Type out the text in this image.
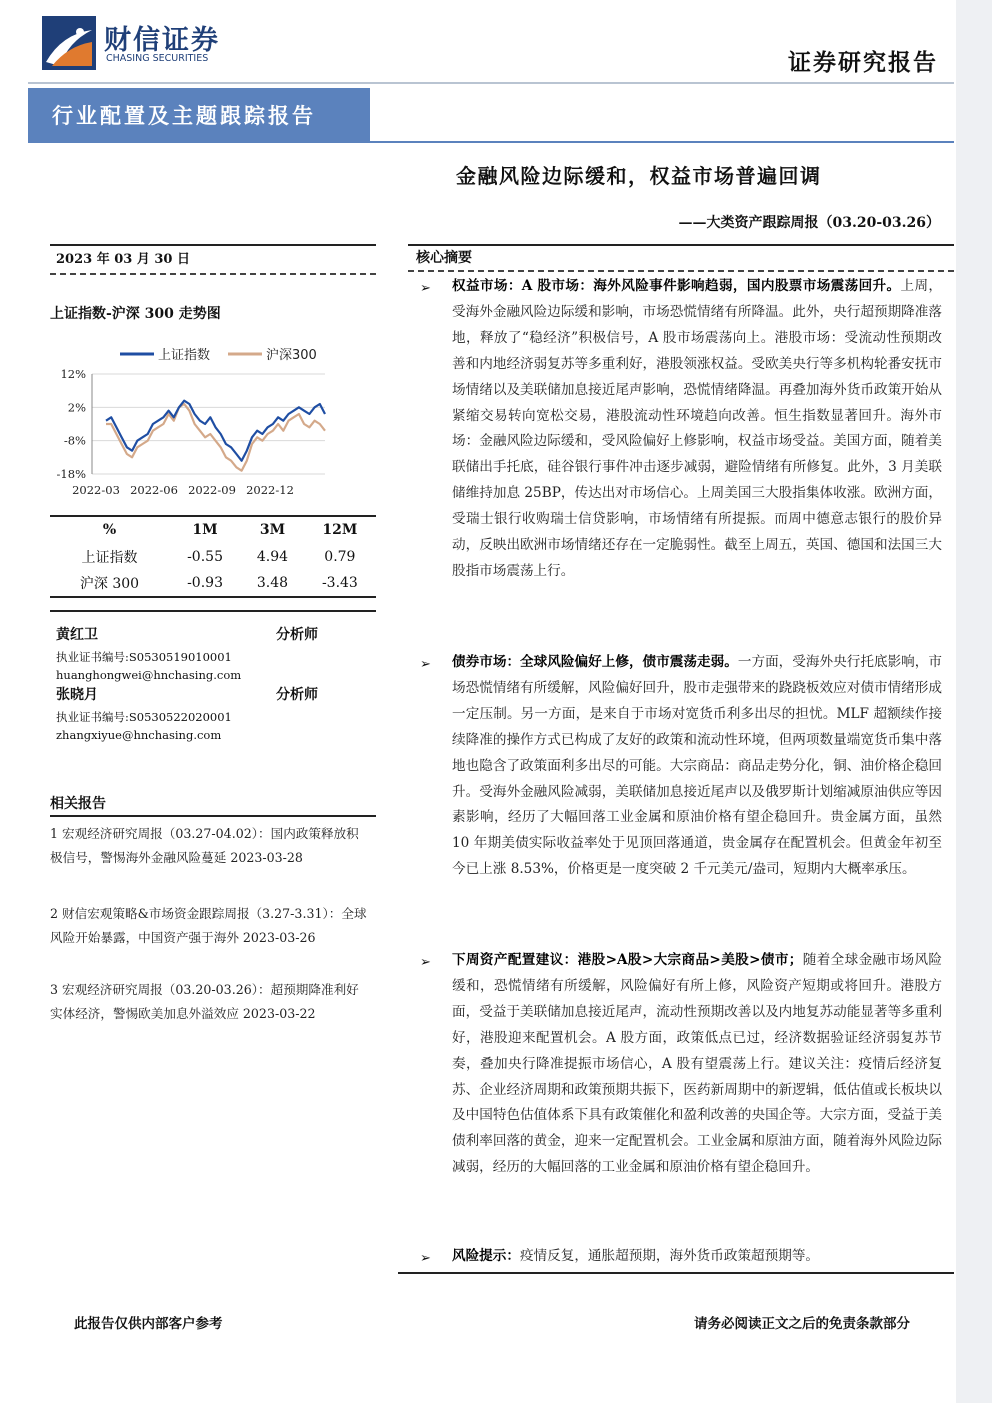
财信证券
CHASING SECURITIES	证券研究报告
行业配置及主题跟踪报告
金融风险边际缓和，权益市场普遍回调
——大类资产跟踪周报（03.20-03.26）
2023 年 03 月 30 日
上证指数-沪深 300 走势图
上证指数	沪深300
12%
2%
-8%
-18%
2022-03 2022-06 2022-09 2022-12
%	1M	3M	12M
上证指数	-0.55	4.94	0.79
沪深 300	-0.93	3.48	-3.43
黄红卫	分析师
执业证书编号:S0530519010001
huanghongwei@hnchasing.com
张晓月	分析师
执业证书编号:S0530522020001
zhangxiyue@hnchasing.com
相关报告
1 宏观经济研究周报（03.27-04.02）：国内政策释放积极信号，警惕海外金融风险蔓延 2023-03-28
2 财信宏观策略&市场资金跟踪周报（3.27-3.31）：全球风险开始暴露，中国资产强于海外 2023-03-26
3 宏观经济研究周报（03.20-03.26）：超预期降准利好实体经济，警惕欧美加息外溢效应 2023-03-22
核心摘要
➢ 权益市场：A 股市场：海外风险事件影响趋弱，国内股票市场震荡回升。上周，受海外金融风险边际缓和影响，市场恐慌情绪有所降温。此外，央行超预期降准落地，释放了“稳经济”积极信号，A 股市场震荡向上。港股市场：受流动性预期改善和内地经济弱复苏等多重利好，港股领涨权益。受欧美央行等多机构轮番安抚市场情绪以及美联储加息接近尾声影响，恐慌情绪降温。再叠加海外货币政策开始从紧缩交易转向宽松交易，港股流动性环境趋向改善。恒生指数显著回升。海外市场：金融风险边际缓和，受风险偏好上修影响，权益市场受益。美国方面，随着美联储出手托底，硅谷银行事件冲击逐步减弱，避险情绪有所修复。此外，3 月美联储维持加息 25BP，传达出对市场信心。上周美国三大股指集体收涨。欧洲方面，受瑞士银行收购瑞士信贷影响，市场情绪有所提振。而周中德意志银行的股价异动，反映出欧洲市场情绪还存在一定脆弱性。截至上周五，英国、德国和法国三大股指市场震荡上行。
➢ 债券市场：全球风险偏好上修，债市震荡走弱。一方面，受海外央行托底影响，市场恐慌情绪有所缓解，风险偏好回升，股市走强带来的跷跷板效应对债市情绪形成一定压制。另一方面，是来自于市场对宽货币利多出尽的担忧。MLF 超额续作接续降准的操作方式已构成了友好的政策和流动性环境，但两项数量端宽货币集中落地也隐含了政策面利多出尽的可能。大宗商品：商品走势分化，铜、油价格企稳回升。受海外金融风险减弱，美联储加息接近尾声以及俄罗斯计划缩减原油供应等因素影响，经历了大幅回落工业金属和原油价格有望企稳回升。贵金属方面，虽然 10 年期美债实际收益率处于见顶回落通道，贵金属存在配置机会。但黄金年初至今已上涨 8.53%，价格更是一度突破 2 千元美元/盎司，短期内大概率承压。
➢ 下周资产配置建议：港股>A股>大宗商品>美股>债市；随着全球金融市场风险缓和，恐慌情绪有所缓解，风险偏好有所上修，风险资产短期或将回升。港股方面，受益于美联储加息接近尾声，流动性预期改善以及内地复苏动能显著等多重利好，港股迎来配置机会。A 股方面，政策低点已过，经济数据验证经济弱复苏节奏，叠加央行降准提振市场信心，A 股有望震荡上行。建议关注：疫情后经济复苏、企业经济周期和政策预期共振下，医药新周期中的新逻辑，低估值或长板块以及中国特色估值体系下具有政策催化和盈利改善的央国企等。大宗方面，受益于美债利率回落的黄金，迎来一定配置机会。工业金属和原油方面，随着海外风险边际减弱，经历的大幅回落的工业金属和原油价格有望企稳回升。
➢ 风险提示：疫情反复，通胀超预期，海外货币政策超预期等。
此报告仅供内部客户参考	请务必阅读正文之后的免责条款部分
